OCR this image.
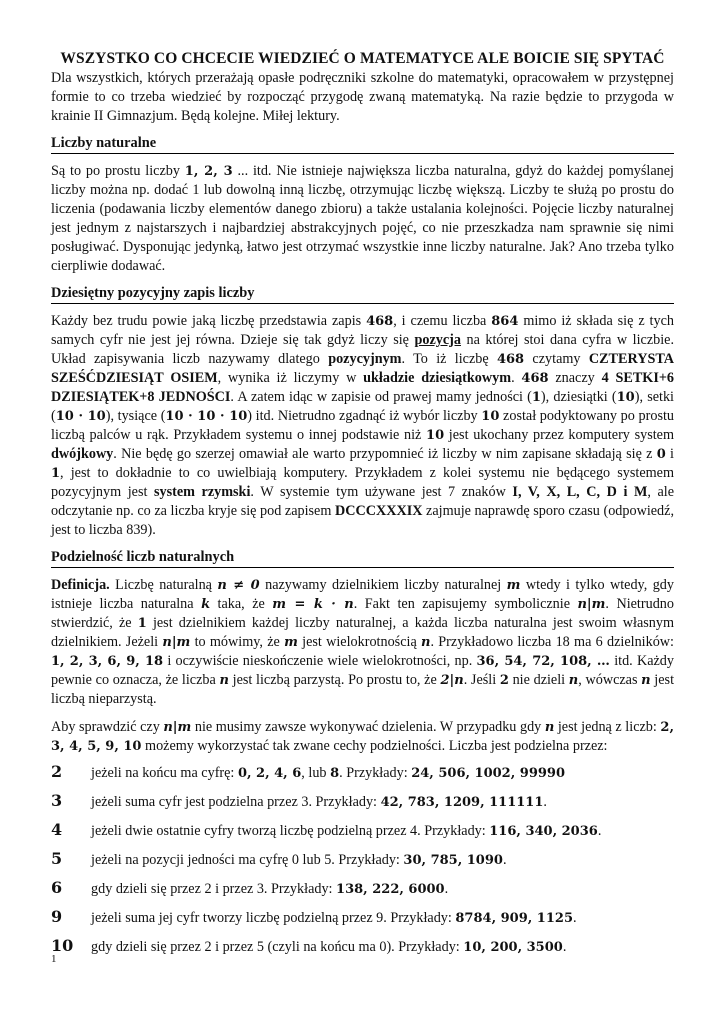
WSZYSTKO CO CHCECIE WIEDZIEĆ O MATEMATYCE ALE BOICIE SIĘ SPYTAĆ

Dla wszystkich, których przerażają opasłe podręczniki szkolne do matematyki, opracowałem w przystępnej formie to co trzeba wiedzieć by rozpocząć przygodę zwaną matematyką. Na razie będzie to przygoda w krainie II Gimnazjum. Będą kolejne. Miłej lektury.

Liczby naturalne

Są to po prostu liczby 1, 2, 3 ... itd. Nie istnieje największa liczba naturalna, gdyż do każdej pomyślanej liczby można np. dodać 1 lub dowolną inną liczbę, otrzymując liczbę większą. Liczby te służą po prostu do liczenia (podawania liczby elementów danego zbioru) a także ustalania kolejności. Pojęcie liczby naturalnej jest jednym z najstarszych i najbardziej abstrakcyjnych pojęć, co nie przeszkadza nam sprawnie się nimi posługiwać. Dysponując jedynką, łatwo jest otrzymać wszystkie inne liczby naturalne. Jak? Ano trzeba tylko cierpliwie dodawać.

Dziesiętny pozycyjny zapis liczby

Każdy bez trudu powie jaką liczbę przedstawia zapis 468, i czemu liczba 864 mimo iż składa się z tych samych cyfr nie jest jej równa. Dzieje się tak gdyż liczy się pozycja na której stoi dana cyfra w liczbie. Układ zapisywania liczb nazywamy dlatego pozycyjnym. To iż liczbę 468 czytamy CZTERYSTA SZEŚĆDZIESIĄT OSIEM, wynika iż liczymy w układzie dziesiątkowym. 468 znaczy 4 SETKI+6 DZIESIĄTEK+8 JEDNOŚCI. A zatem idąc w zapisie od prawej mamy jedności (1), dziesiątki (10), setki (10 · 10), tysiące (10 · 10 · 10) itd. Nietrudno zgadnąć iż wybór liczby 10 został podyktowany po prostu liczbą palców u rąk. Przykładem systemu o innej podstawie niż 10 jest ukochany przez komputery system dwójkowy. Nie będę go szerzej omawiał ale warto przypomnieć iż liczby w nim zapisane składają się z 0 i 1, jest to dokładnie to co uwielbiają komputery. Przykładem z kolei systemu nie będącego systemem pozycyjnym jest system rzymski. W systemie tym używane jest 7 znaków I, V, X, L, C, D i M, ale odczytanie np. co za liczba kryje się pod zapisem DCCCXXXIX zajmuje naprawdę sporo czasu (odpowiedź, jest to liczba 839).

Podzielność liczb naturalnych

Definicja. Liczbę naturalną n ≠ 0 nazywamy dzielnikiem liczby naturalnej m wtedy i tylko wtedy, gdy istnieje liczba naturalna k taka, że m = k · n. Fakt ten zapisujemy symbolicznie n|m. Nietrudno stwierdzić, że 1 jest dzielnikiem każdej liczby naturalnej, a każda liczba naturalna jest swoim własnym dzielnikiem. Jeżeli n|m to mówimy, że m jest wielokrotnością n. Przykładowo liczba 18 ma 6 dzielników: 1, 2, 3, 6, 9, 18 i oczywiście nieskończenie wiele wielokrotności, np. 36, 54, 72, 108, … itd. Każdy pewnie co oznacza, że liczba n jest liczbą parzystą. Po prostu to, że 2|n. Jeśli 2 nie dzieli n, wówczas n jest liczbą nieparzystą.

Aby sprawdzić czy n|m nie musimy zawsze wykonywać dzielenia. W przypadku gdy n jest jedną z liczb: 2, 3, 4, 5, 9, 10 możemy wykorzystać tak zwane cechy podzielności. Liczba jest podzielna przez:

2	jeżeli na końcu ma cyfrę: 0, 2, 4, 6, lub 8. Przykłady: 24, 506, 1002, 99990
3	jeżeli suma cyfr jest podzielna przez 3. Przykłady: 42, 783, 1209, 111111.
4	jeżeli dwie ostatnie cyfry tworzą liczbę podzielną przez 4. Przykłady: 116, 340, 2036.
5	jeżeli na pozycji jedności ma cyfrę 0 lub 5. Przykłady: 30, 785, 1090.
6	gdy dzieli się przez 2 i przez 3. Przykłady: 138, 222, 6000.
9	jeżeli suma jej cyfr tworzy liczbę podzielną przez 9. Przykłady: 8784, 909, 1125.
10	gdy dzieli się przez 2 i przez 5 (czyli na końcu ma 0). Przykłady: 10, 200, 3500.
1
